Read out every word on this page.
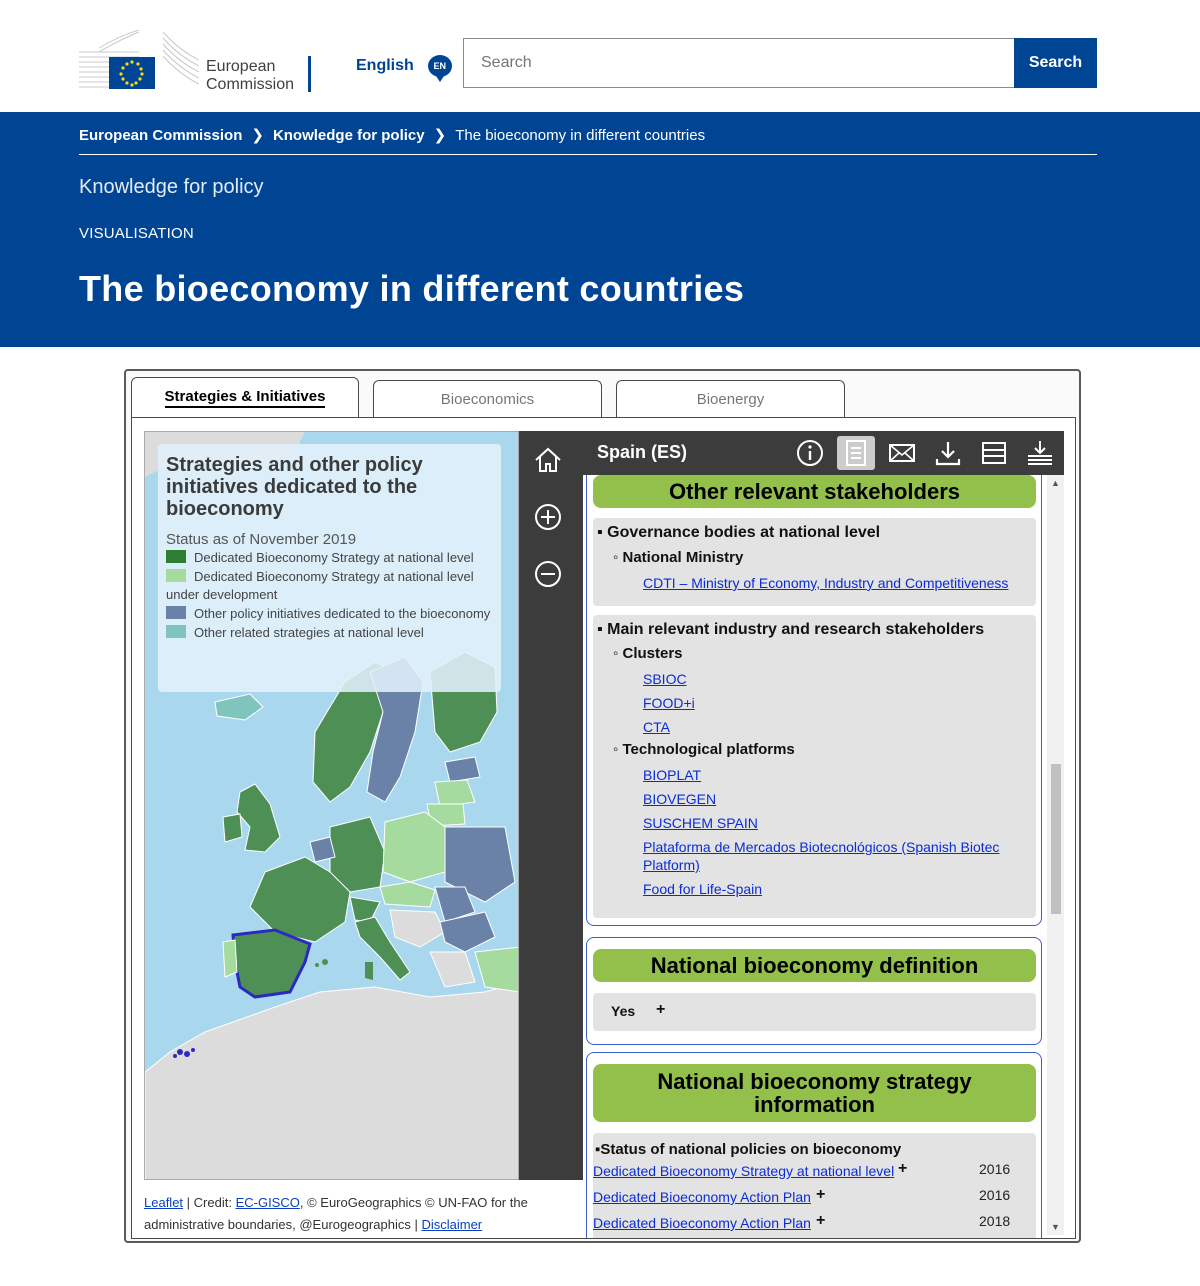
European
Commission
English	EN
Search	Search
European Commission ❯ Knowledge for policy ❯ The bioeconomy in different countries
Knowledge for policy
VISUALISATION
The bioeconomy in different countries
Strategies & Initiatives	Bioeconomics	Bioenergy
Strategies and other policy initiatives dedicated to the bioeconomy
Status as of November 2019
Dedicated Bioeconomy Strategy at national level
Dedicated Bioeconomy Strategy at national level under development
Other policy initiatives dedicated to the bioeconomy
Other related strategies at national level
Leaflet | Credit: EC-GISCO, © EuroGeographics © UN-FAO for the administrative boundaries, @Eurogeographics | Disclaimer
Spain (ES)
Other relevant stakeholders
▪ Governance bodies at national level
◦ National Ministry
CDTI – Ministry of Economy, Industry and Competitiveness
▪ Main relevant industry and research stakeholders
◦ Clusters
SBIOC
FOOD+i
CTA
◦ Technological platforms
BIOPLAT
BIOVEGEN
SUSCHEM SPAIN
Plataforma de Mercados Biotecnológicos (Spanish Biotec Platform)
Food for Life-Spain
National bioeconomy definition
Yes +
National bioeconomy strategy information
▪Status of national policies on bioeconomy
Dedicated Bioeconomy Strategy at national level +	2016
Dedicated Bioeconomy Action Plan +	2016
Dedicated Bioeconomy Action Plan +	2018
▲
▼
